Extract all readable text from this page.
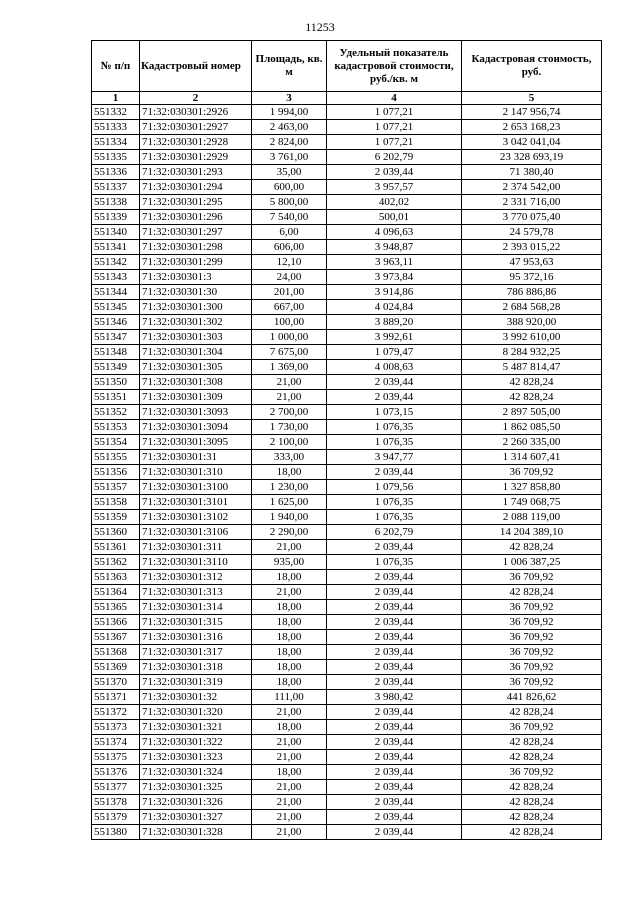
11253
№ п/п	Кадастровый номер	Площадь, кв. м	Удельный показатель кадастровой стоимости, руб./кв. м	Кадастровая стоимость, руб.
1	2	3	4	5
551332	71:32:030301:2926	1 994,00	1 077,21	2 147 956,74
551333	71:32:030301:2927	2 463,00	1 077,21	2 653 168,23
551334	71:32:030301:2928	2 824,00	1 077,21	3 042 041,04
551335	71:32:030301:2929	3 761,00	6 202,79	23 328 693,19
551336	71:32:030301:293	35,00	2 039,44	71 380,40
551337	71:32:030301:294	600,00	3 957,57	2 374 542,00
551338	71:32:030301:295	5 800,00	402,02	2 331 716,00
551339	71:32:030301:296	7 540,00	500,01	3 770 075,40
551340	71:32:030301:297	6,00	4 096,63	24 579,78
551341	71:32:030301:298	606,00	3 948,87	2 393 015,22
551342	71:32:030301:299	12,10	3 963,11	47 953,63
551343	71:32:030301:3	24,00	3 973,84	95 372,16
551344	71:32:030301:30	201,00	3 914,86	786 886,86
551345	71:32:030301:300	667,00	4 024,84	2 684 568,28
551346	71:32:030301:302	100,00	3 889,20	388 920,00
551347	71:32:030301:303	1 000,00	3 992,61	3 992 610,00
551348	71:32:030301:304	7 675,00	1 079,47	8 284 932,25
551349	71:32:030301:305	1 369,00	4 008,63	5 487 814,47
551350	71:32:030301:308	21,00	2 039,44	42 828,24
551351	71:32:030301:309	21,00	2 039,44	42 828,24
551352	71:32:030301:3093	2 700,00	1 073,15	2 897 505,00
551353	71:32:030301:3094	1 730,00	1 076,35	1 862 085,50
551354	71:32:030301:3095	2 100,00	1 076,35	2 260 335,00
551355	71:32:030301:31	333,00	3 947,77	1 314 607,41
551356	71:32:030301:310	18,00	2 039,44	36 709,92
551357	71:32:030301:3100	1 230,00	1 079,56	1 327 858,80
551358	71:32:030301:3101	1 625,00	1 076,35	1 749 068,75
551359	71:32:030301:3102	1 940,00	1 076,35	2 088 119,00
551360	71:32:030301:3106	2 290,00	6 202,79	14 204 389,10
551361	71:32:030301:311	21,00	2 039,44	42 828,24
551362	71:32:030301:3110	935,00	1 076,35	1 006 387,25
551363	71:32:030301:312	18,00	2 039,44	36 709,92
551364	71:32:030301:313	21,00	2 039,44	42 828,24
551365	71:32:030301:314	18,00	2 039,44	36 709,92
551366	71:32:030301:315	18,00	2 039,44	36 709,92
551367	71:32:030301:316	18,00	2 039,44	36 709,92
551368	71:32:030301:317	18,00	2 039,44	36 709,92
551369	71:32:030301:318	18,00	2 039,44	36 709,92
551370	71:32:030301:319	18,00	2 039,44	36 709,92
551371	71:32:030301:32	111,00	3 980,42	441 826,62
551372	71:32:030301:320	21,00	2 039,44	42 828,24
551373	71:32:030301:321	18,00	2 039,44	36 709,92
551374	71:32:030301:322	21,00	2 039,44	42 828,24
551375	71:32:030301:323	21,00	2 039,44	42 828,24
551376	71:32:030301:324	18,00	2 039,44	36 709,92
551377	71:32:030301:325	21,00	2 039,44	42 828,24
551378	71:32:030301:326	21,00	2 039,44	42 828,24
551379	71:32:030301:327	21,00	2 039,44	42 828,24
551380	71:32:030301:328	21,00	2 039,44	42 828,24
